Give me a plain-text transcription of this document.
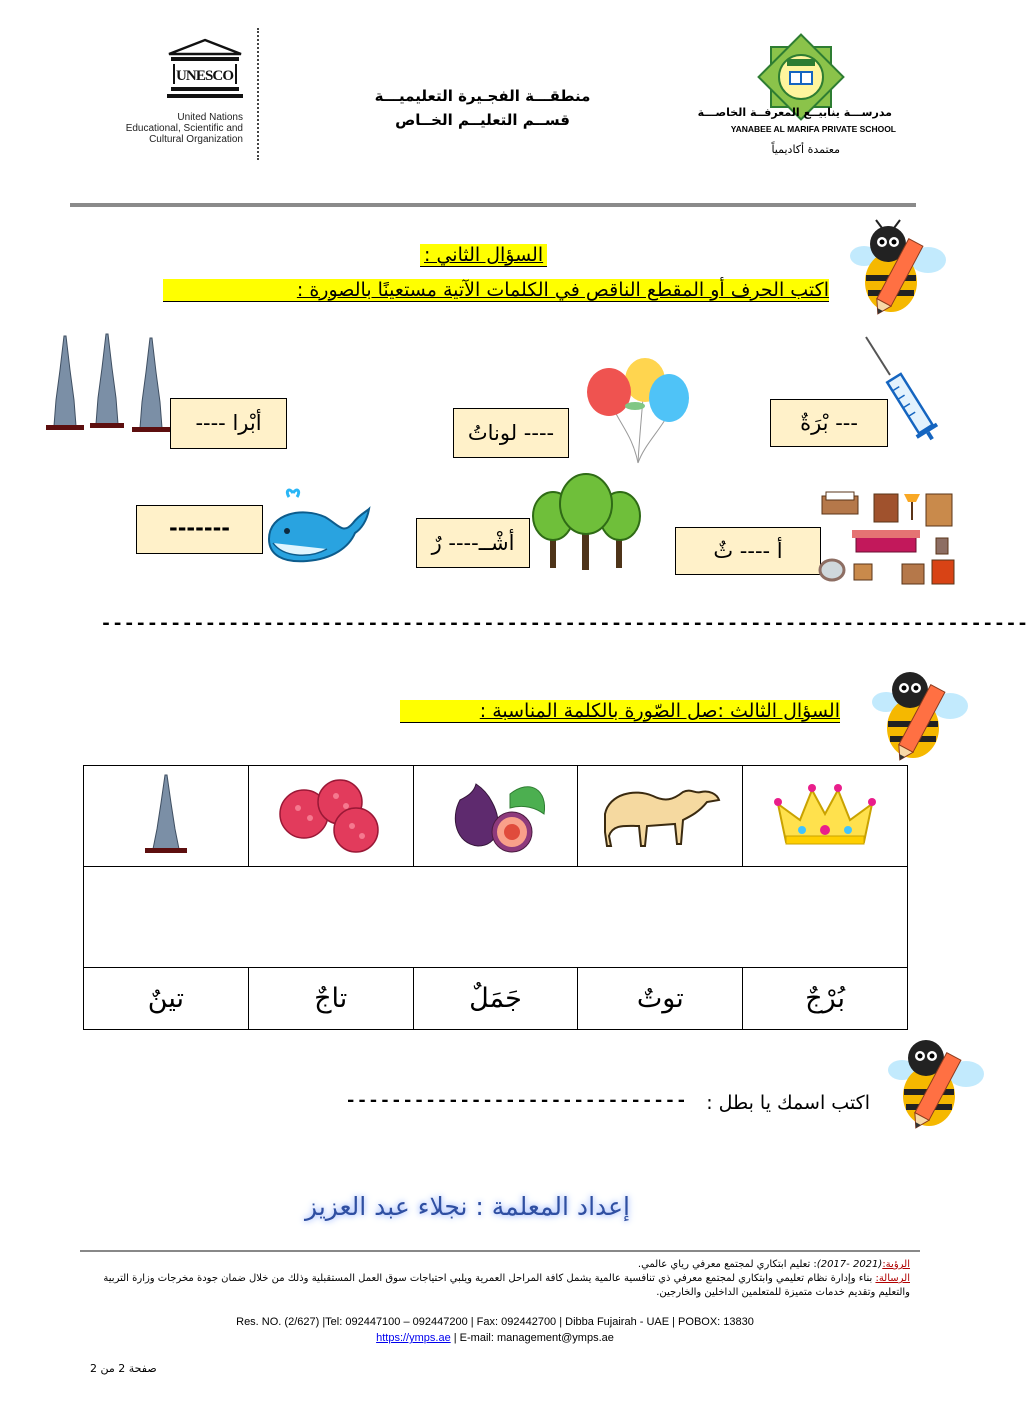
UNESCO
United Nations
Educational, Scientific and
Cultural Organization
منطقـــة الفجـيرة التعليميـــة
قســم التعليــم الخــاص	مدرســـة ينابيــع المعرفــة الخاصـــة
YANABEE AL MARIFA PRIVATE SCHOOL
معتمدة أكاديمياً
السؤال الثاني :
اكتب الحرف أو المقطع الناقص في الكلمات الآتية مستعينًا بالصورة :
أبْرا ----	---- لوناتُ	--- بْرَةٌ
-------
أشْــ---- رٌ	أ ---- ثٌ
--------------------------------------------------------------------------------
السؤال الثالث :صل الصّورة بالكلمة المناسبة :

تينٌ	تاجٌ	جَمَلٌ	توتٌ	بُرْجٌ
اكتب اسمك يا بطل :
------------------------------
إعداد المعلمة : نجلاء عبد العزيز
الرؤية:(2021 -2017): تعليم ابتكاري لمجتمع معرفي رياي عالمي.
الرسالة: بناء وإدارة نظام تعليمي وابتكاري لمجتمع معرفي ذي تنافسية عالمية يشمل كافة المراحل العمرية ويلبي احتياجات سوق العمل المستقبلية وذلك من خلال ضمان جودة مخرجات وزارة التربية والتعليم وتقديم خدمات متميزة للمتعلمين الداخلين والخارجين.
Res. NO. (2/627) |Tel: 092447100 – 092447200 | Fax: 092442700 | Dibba Fujairah - UAE | POBOX: 13830
https://ymps.ae | E-mail: management@ymps.ae
صفحة 2 من 2
